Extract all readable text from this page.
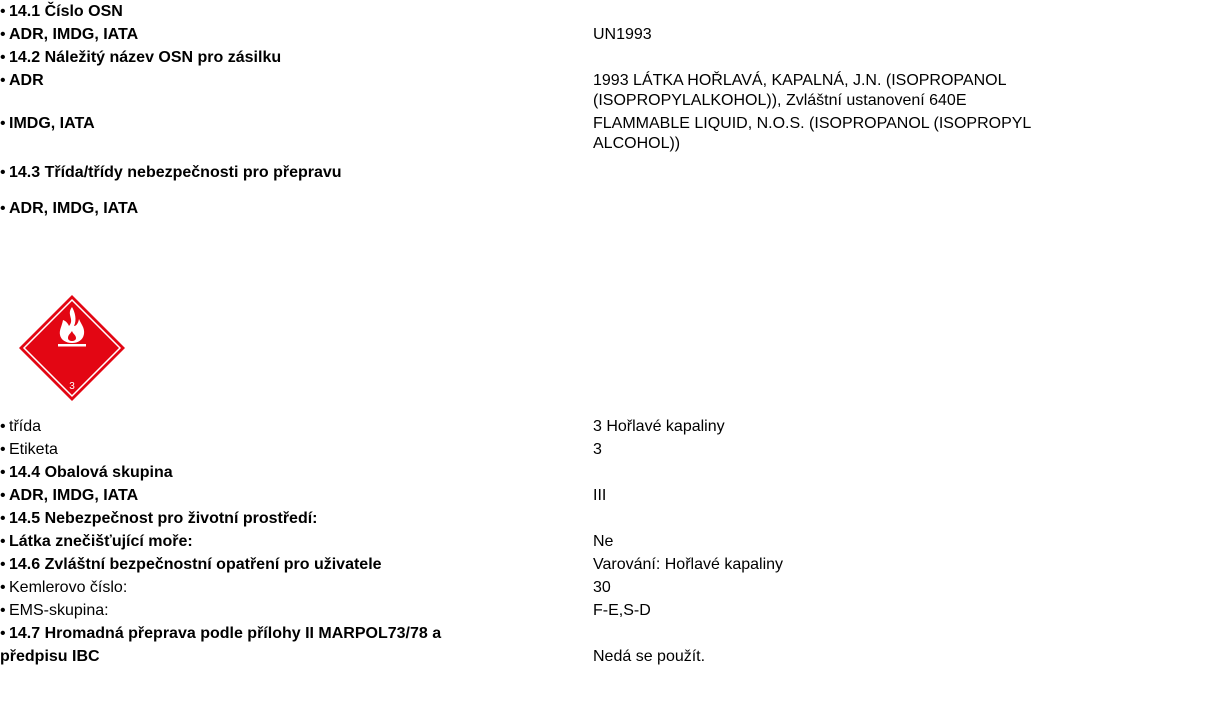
• 14.1 Číslo OSN
• ADR, IMDG, IATA	UN1993
• 14.2 Náležitý název OSN pro zásilku
• ADR	1993 LÁTKA HOŘLAVÁ, KAPALNÁ, J.N. (ISOPROPANOL
(ISOPROPYLALKOHOL)), Zvláštní ustanovení 640E
• IMDG, IATA	FLAMMABLE LIQUID, N.O.S. (ISOPROPANOL (ISOPROPYL
ALCOHOL))
• 14.3 Třída/třídy nebezpečnosti pro přepravu
• ADR, IMDG, IATA
3
• třída	3 Hořlavé kapaliny
• Etiketa	3
• 14.4 Obalová skupina
• ADR, IMDG, IATA	III
• 14.5 Nebezpečnost pro životní prostředí:
• Látka znečišťující moře:	Ne
• 14.6 Zvláštní bezpečnostní opatření pro uživatele	Varování: Hořlavé kapaliny
• Kemlerovo číslo:	30
• EMS-skupina:	F-E,S-D
• 14.7 Hromadná přeprava podle přílohy II MARPOL73/78 a
předpisu IBC	Nedá se použít.
